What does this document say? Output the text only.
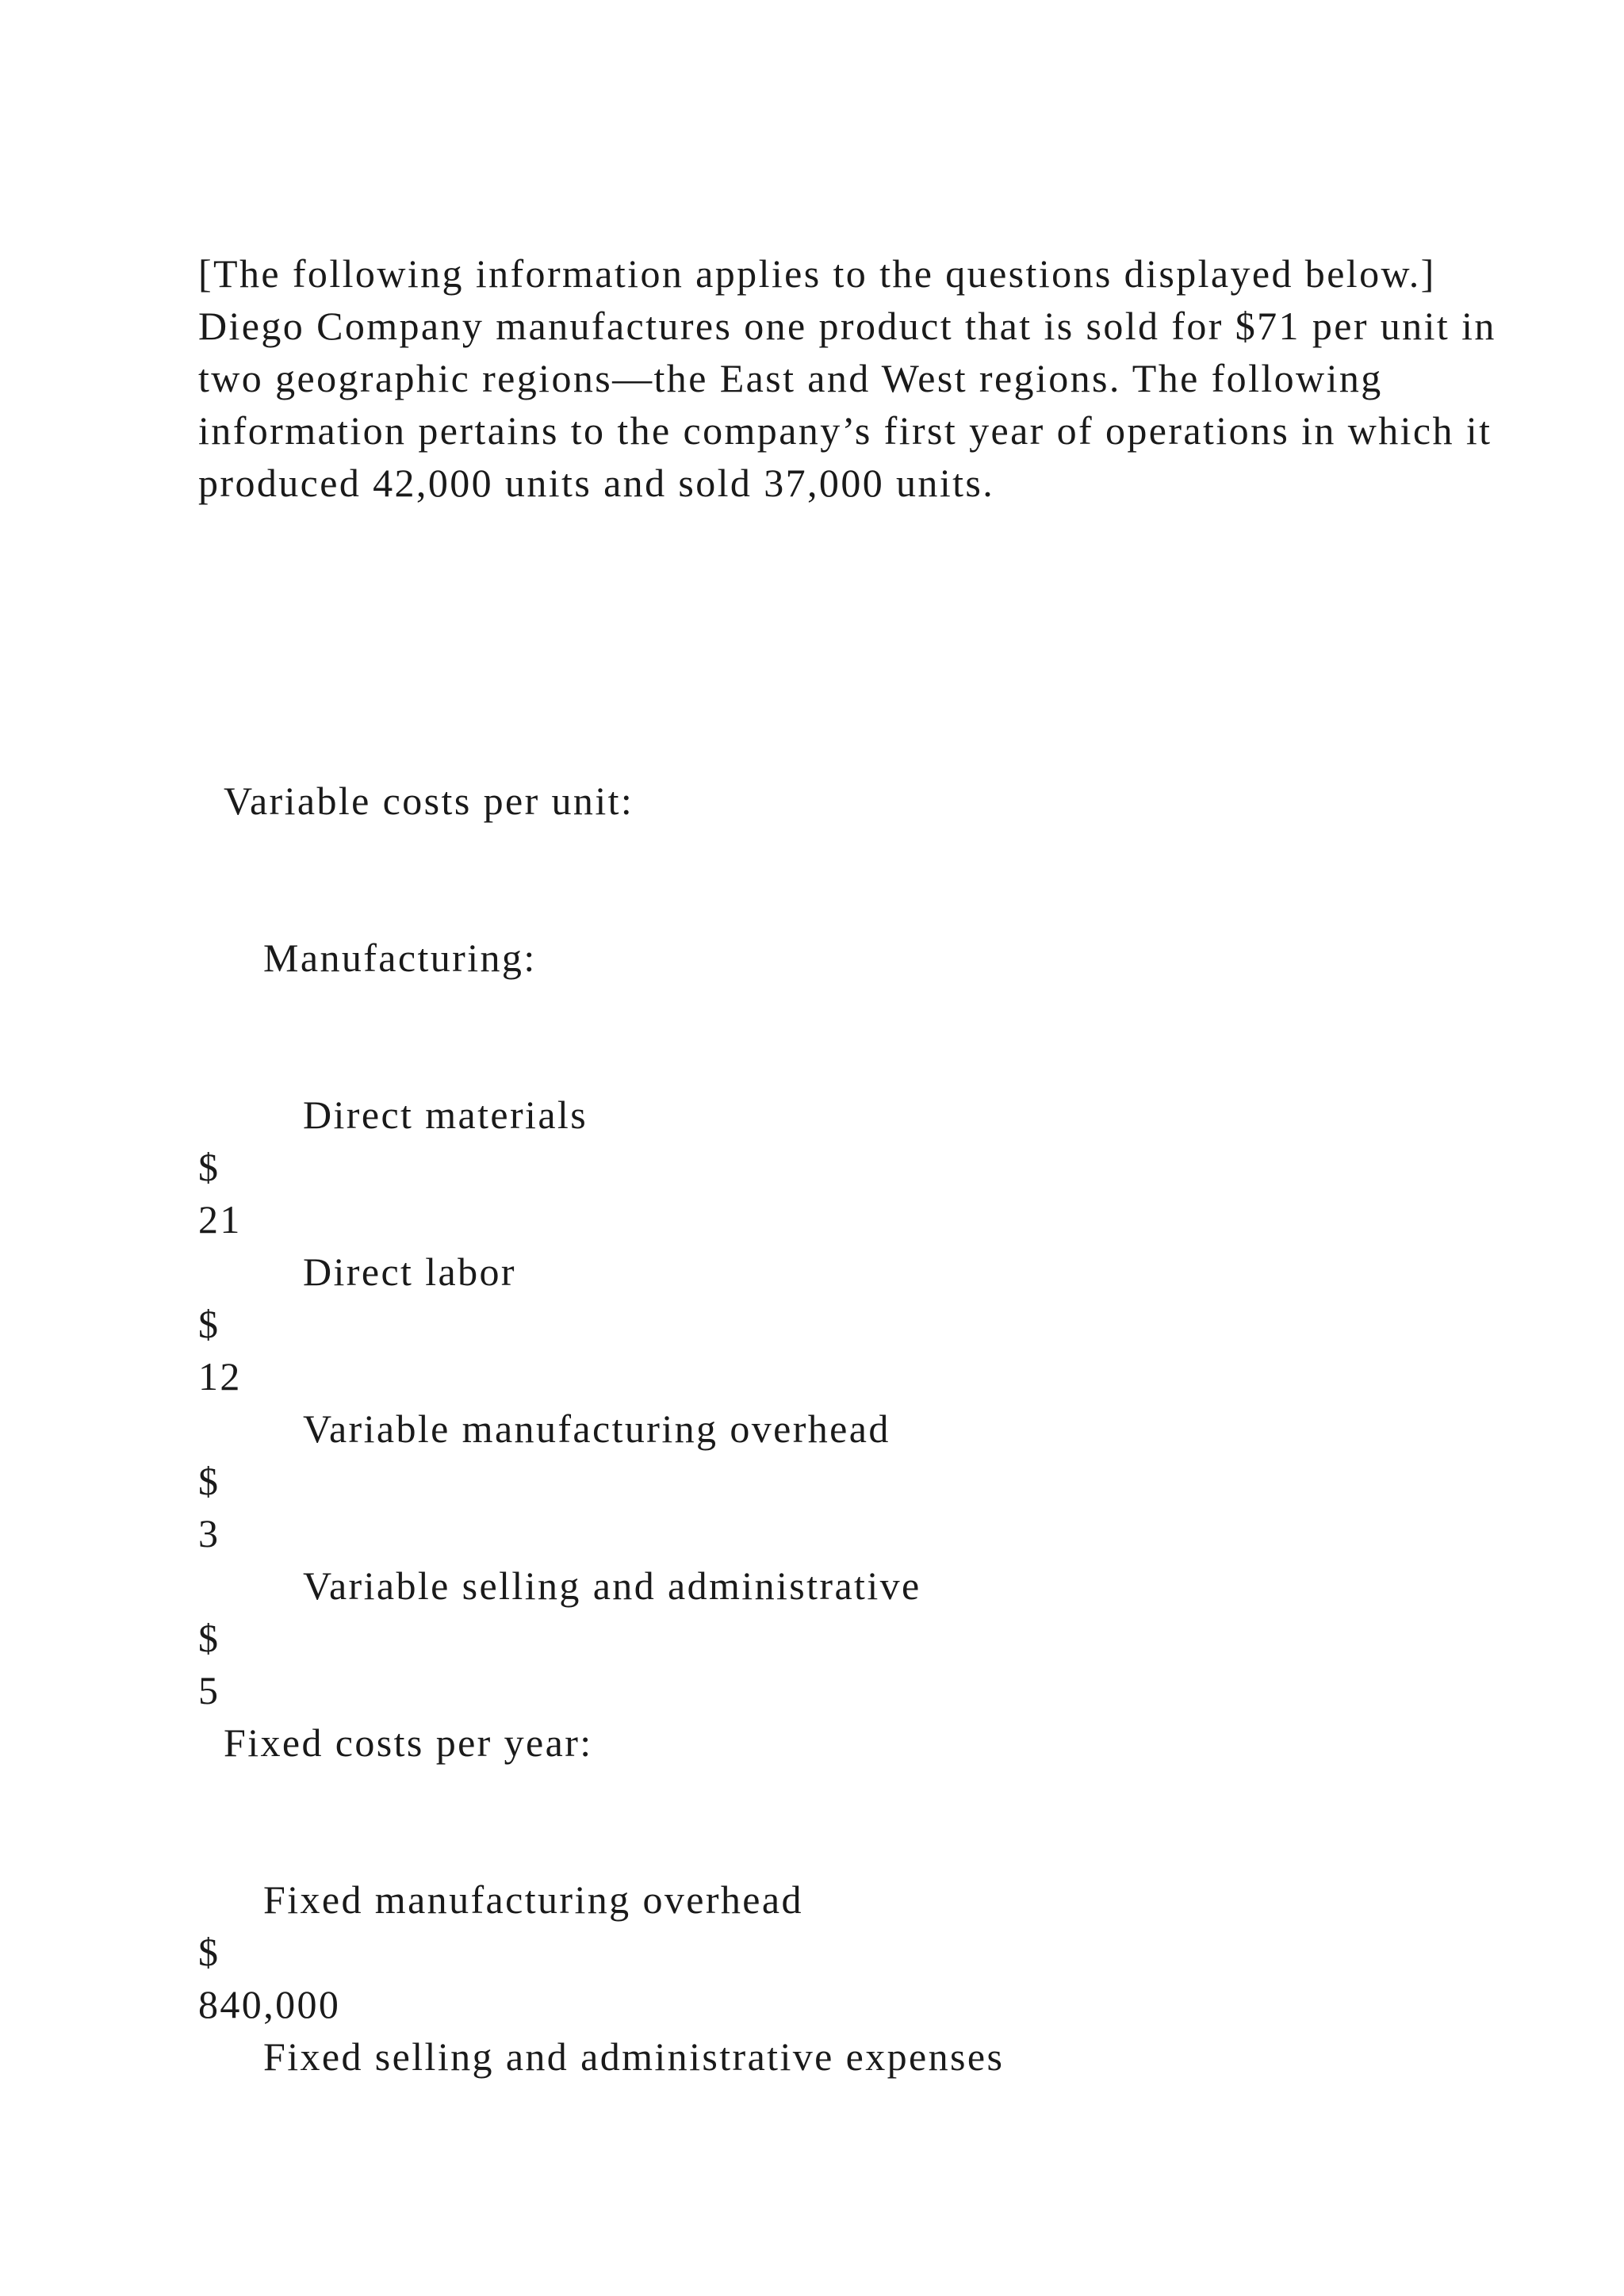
[The following information applies to the questions displayed below.]

Diego Company manufactures one product that is sold for $71 per unit in two geographic regions—the East and West regions. The following information pertains to the company’s first year of operations in which it produced 42,000 units and sold 37,000 units.

Variable costs per unit:
Manufacturing:
Direct materials
$
21
Direct labor
$
12
Variable manufacturing overhead
$
3
Variable selling and administrative
$
5
Fixed costs per year:
Fixed manufacturing overhead
$
840,000
Fixed selling and administrative expenses
